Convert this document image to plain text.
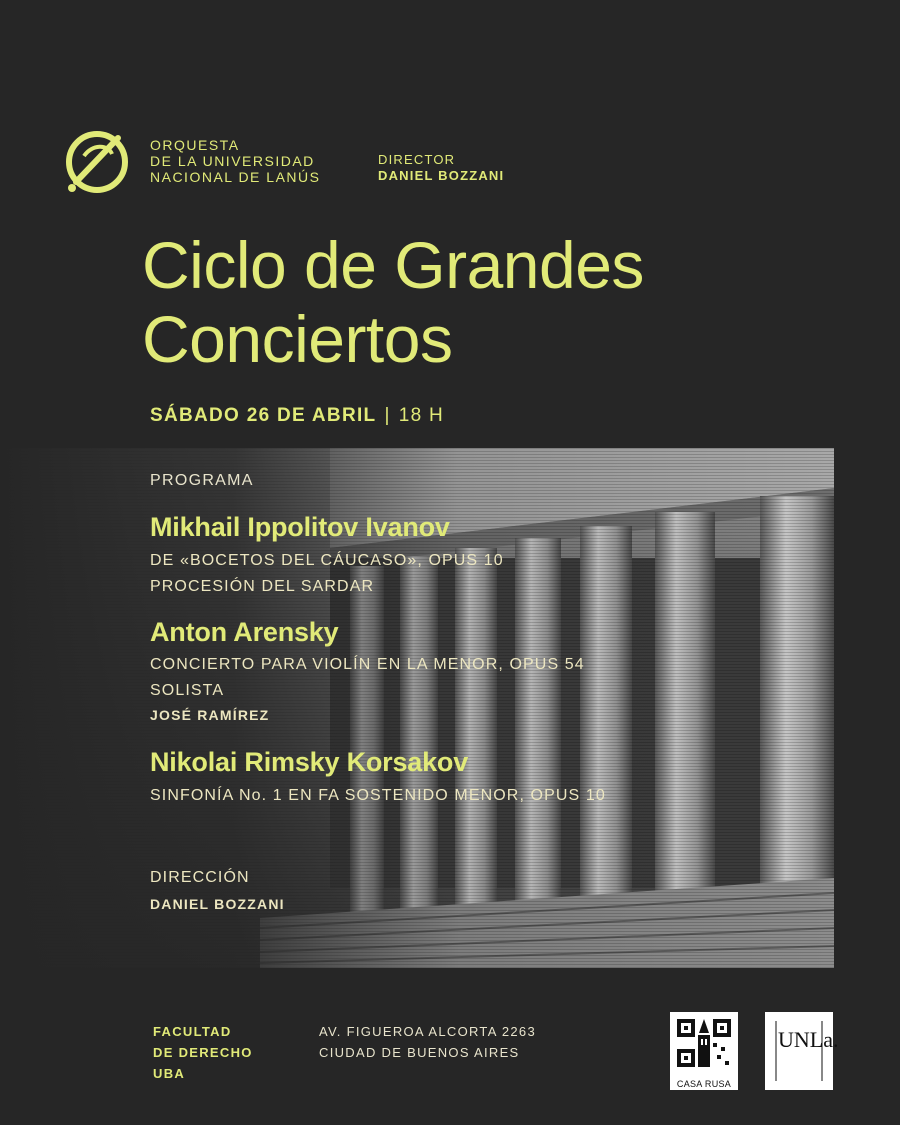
ORQUESTA
DE LA UNIVERSIDAD
NACIONAL DE LANÚS
DIRECTOR
DANIEL BOZZANI
Ciclo de Grandes
Conciertos
SÁBADO 26 DE ABRIL | 18 H
PROGRAMA
Mikhail Ippolitov Ivanov
DE «BOCETOS DEL CÁUCASO», OPUS 10
PROCESIÓN DEL SARDAR
Anton Arensky
CONCIERTO PARA VIOLÍN EN LA MENOR, OPUS 54
SOLISTA
JOSÉ RAMÍREZ
Nikolai Rimsky Korsakov
SINFONÍA No. 1 EN FA SOSTENIDO MENOR, OPUS 10
DIRECCIÓN
DANIEL BOZZANI
FACULTAD
DE DERECHO
UBA
AV. FIGUEROA ALCORTA 2263
CIUDAD DE BUENOS AIRES
CASA RUSA
UNLa.
